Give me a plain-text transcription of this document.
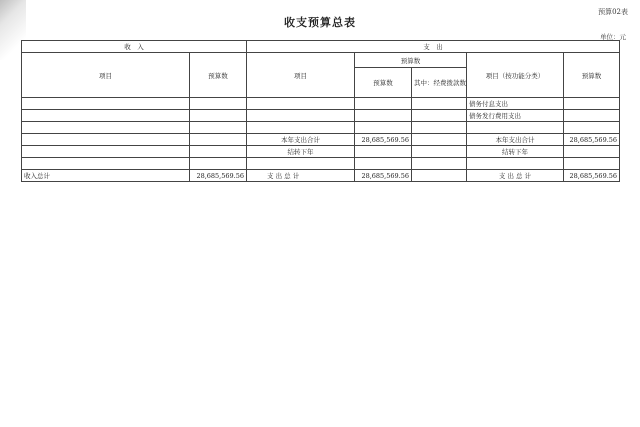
预算02表
收支预算总表
单位：元
收　入		支　出				
项目	预算数	项目	预算数		项目（按功能分类）	预算数
			预算数	其中：经费拨款数		
					债务付息支出	
					债务发行费用支出	

		本年支出合计	28,685,569.56		本年支出合计	28,685,569.56
		结转下年			结转下年	

收入总计	28,685,569.56	支 出 总 计	28,685,569.56		支 出 总 计	28,685,569.56
